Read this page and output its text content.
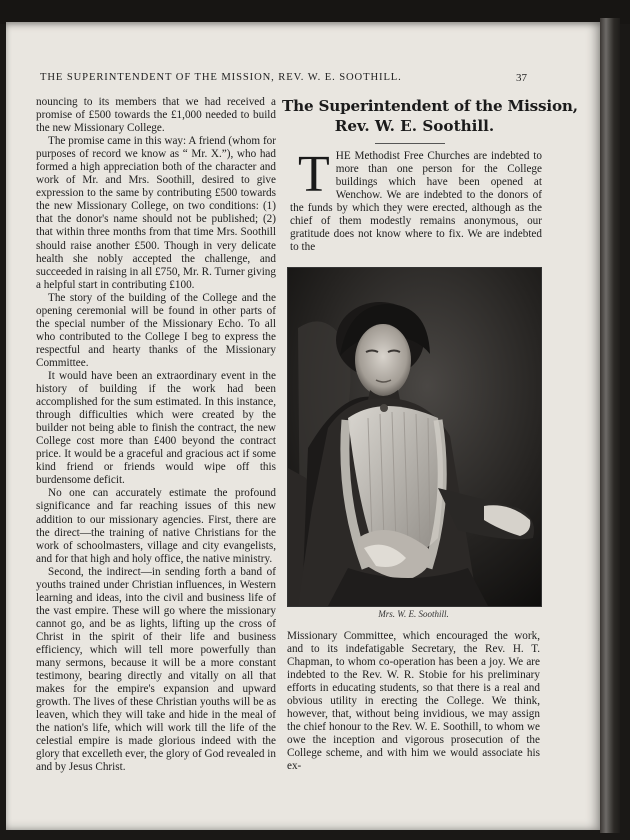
THE SUPERINTENDENT OF THE MISSION, REV. W. E. SOOTHILL.	37

nouncing to its members that we had received a promise of £500 towards the £1,000 needed to build the new Missionary College.

The promise came in this way: A friend (whom for purposes of record we know as “ Mr. X.”), who had formed a high appreciation both of the character and work of Mr. and Mrs. Soothill, desired to give expression to the same by contributing £500 towards the new Missionary College, on two conditions: (1) that the donor's name should not be published; (2) that within three months from that time Mrs. Soothill should raise another £500. Though in very delicate health she nobly accepted the challenge, and succeeded in raising in all £750, Mr. R. Turner giving a helpful start in contributing £100.

The story of the building of the College and the opening ceremonial will be found in other parts of the special number of the Missionary Echo. To all who contributed to the College I beg to express the respectful and hearty thanks of the Missionary Committee.

It would have been an extraordinary event in the history of building if the work had been accomplished for the sum estimated. In this instance, through difficulties which were created by the builder not being able to finish the contract, the new College cost more than £400 beyond the contract price. It would be a graceful and gracious act if some kind friend or friends would wipe off this burdensome deficit.

No one can accurately estimate the profound significance and far reaching issues of this new addition to our missionary agencies. First, there are the direct—the training of native Christians for the work of schoolmasters, village and city evangelists, and for that high and holy office, the native ministry.

Second, the indirect—in sending forth a band of youths trained under Christian influences, in Western learning and ideas, into the civil and business life of the vast empire. These will go where the missionary cannot go, and be as lights, lifting up the cross of Christ in the spirit of their life and business efficiency, which will tell more powerfully than many sermons, because it will be a more constant testimony, bearing directly and vitally on all that makes for the empire's expansion and upward growth. The lives of these Christian youths will be as leaven, which they will take and hide in the meal of the nation's life, which will work till the life of the celestial empire is made glorious indeed with the glory that excelleth ever, the glory of God revealed in and by Jesus Christ.

The Superintendent of the Mission,
Rev. W. E. Soothill.

THE Methodist Free Churches are indebted to more than one person for the College buildings which have been opened at Wenchow. We are indebted to the donors of the funds by which they were erected, although as the chief of them modestly remains anonymous, our gratitude does not know where to fix. We are indebted to the

Mrs. W. E. Soothill.

Missionary Committee, which encouraged the work, and to its indefatigable Secretary, the Rev. H. T. Chapman, to whom co-operation has been a joy. We are indebted to the Rev. W. R. Stobie for his preliminary efforts in educating students, so that there is a real and obvious utility in erecting the College. We think, however, that, without being invidious, we may assign the chief honour to the Rev. W. E. Soothill, to whom we owe the inception and vigorous prosecution of the College scheme, and with him we would associate his ex-
